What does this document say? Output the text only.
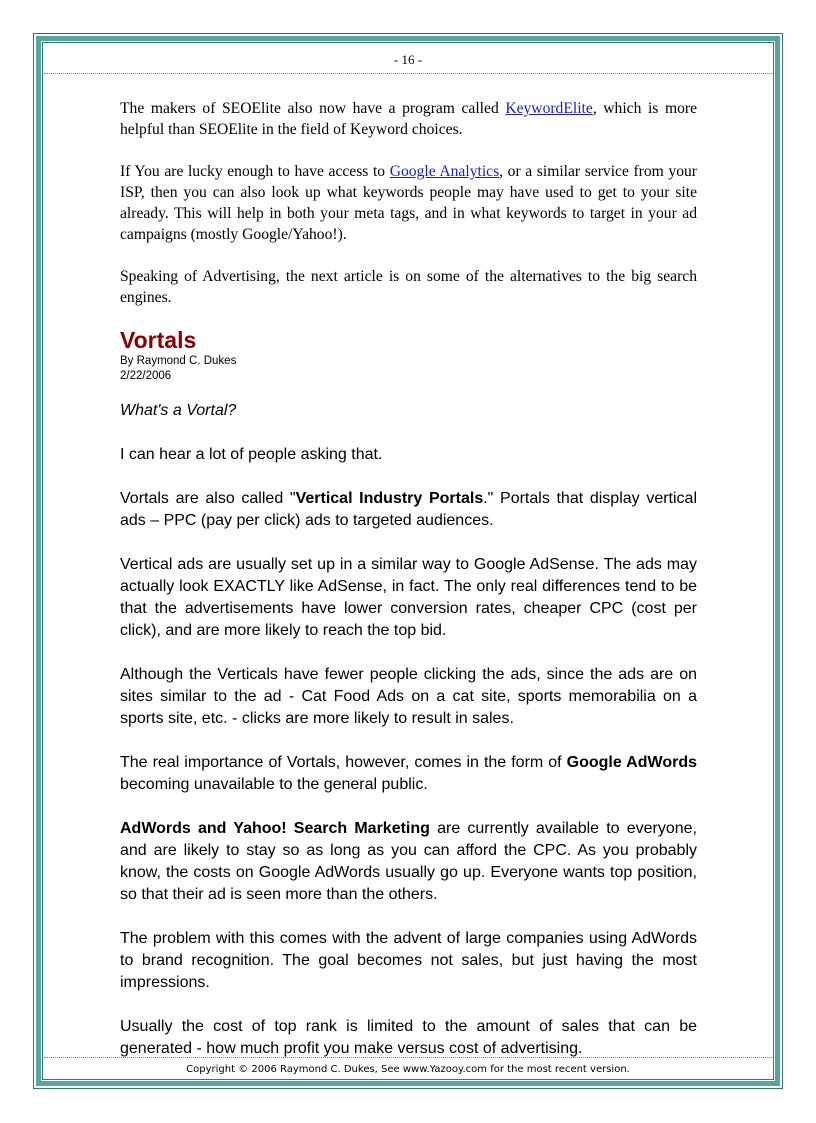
- 16 -

The makers of SEOElite also now have a program called KeywordElite, which is more helpful than SEOElite in the field of Keyword choices.

If You are lucky enough to have access to Google Analytics, or a similar service from your ISP, then you can also look up what keywords people may have used to get to your site already. This will help in both your meta tags, and in what keywords to target in your ad campaigns (mostly Google/Yahoo!).

Speaking of Advertising, the next article is on some of the alternatives to the big search engines.

Vortals

By Raymond C. Dukes

2/22/2006

What's a Vortal?

I can hear a lot of people asking that.

Vortals are also called "Vertical Industry Portals." Portals that display vertical ads – PPC (pay per click) ads to targeted audiences.

Vertical ads are usually set up in a similar way to Google AdSense. The ads may actually look EXACTLY like AdSense, in fact. The only real differences tend to be that the advertisements have lower conversion rates, cheaper CPC (cost per click), and are more likely to reach the top bid.

Although the Verticals have fewer people clicking the ads, since the ads are on sites similar to the ad - Cat Food Ads on a cat site, sports memorabilia on a sports site, etc. - clicks are more likely to result in sales.

The real importance of Vortals, however, comes in the form of Google AdWords becoming unavailable to the general public.

AdWords and Yahoo! Search Marketing are currently available to everyone, and are likely to stay so as long as you can afford the CPC. As you probably know, the costs on Google AdWords usually go up. Everyone wants top position, so that their ad is seen more than the others.

The problem with this comes with the advent of large companies using AdWords to brand recognition. The goal becomes not sales, but just having the most impressions.

Usually the cost of top rank is limited to the amount of sales that can be generated - how much profit you make versus cost of advertising.

Copyright © 2006 Raymond C. Dukes, See www.Yazooy.com for the most recent version.
